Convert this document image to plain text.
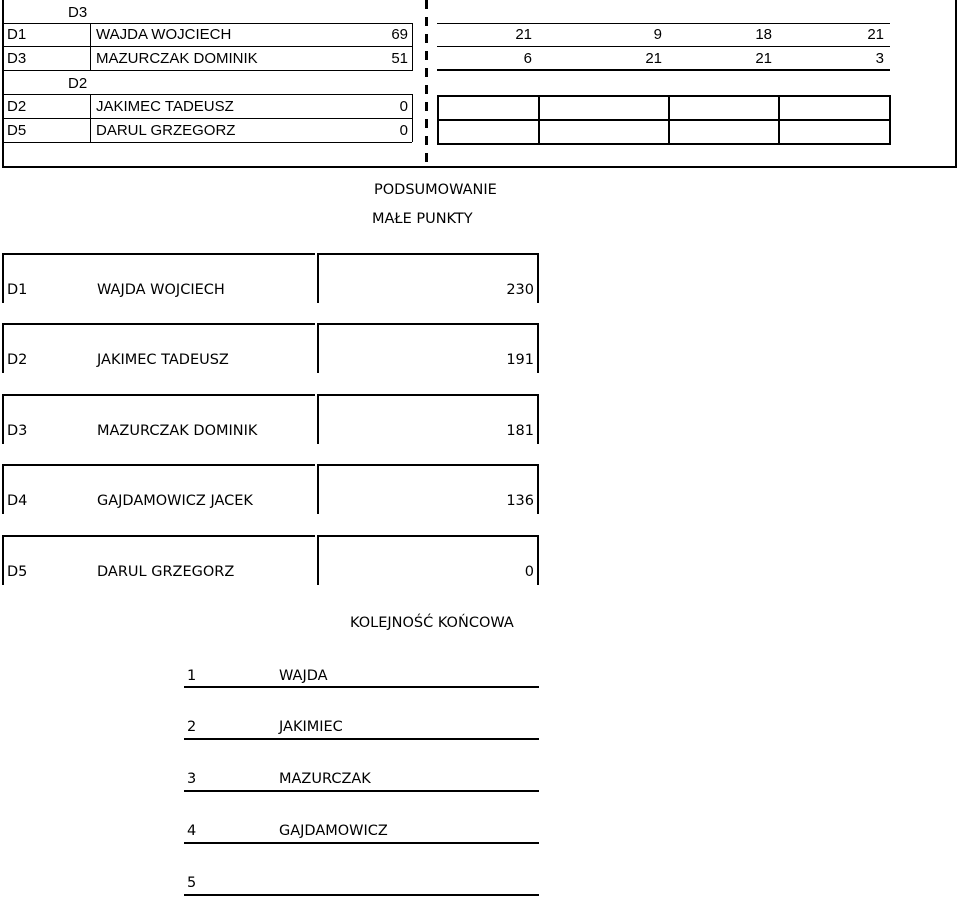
D3
D1	WAJDA WOJCIECH	69	21	9	18	21
D3	MAZURCZAK DOMINIK	51	6	21	21	3
D2
D2	JAKIMEC TADEUSZ	0
D5	DARUL GRZEGORZ	0
PODSUMOWANIE
MAŁE PUNKTY
D1	WAJDA WOJCIECH	230
D2	JAKIMEC TADEUSZ	191
D3	MAZURCZAK DOMINIK	181
D4	GAJDAMOWICZ JACEK	136
D5	DARUL GRZEGORZ	0
KOLEJNOŚĆ KOŃCOWA
1	WAJDA
2	JAKIMIEC
3	MAZURCZAK
4	GAJDAMOWICZ
5
